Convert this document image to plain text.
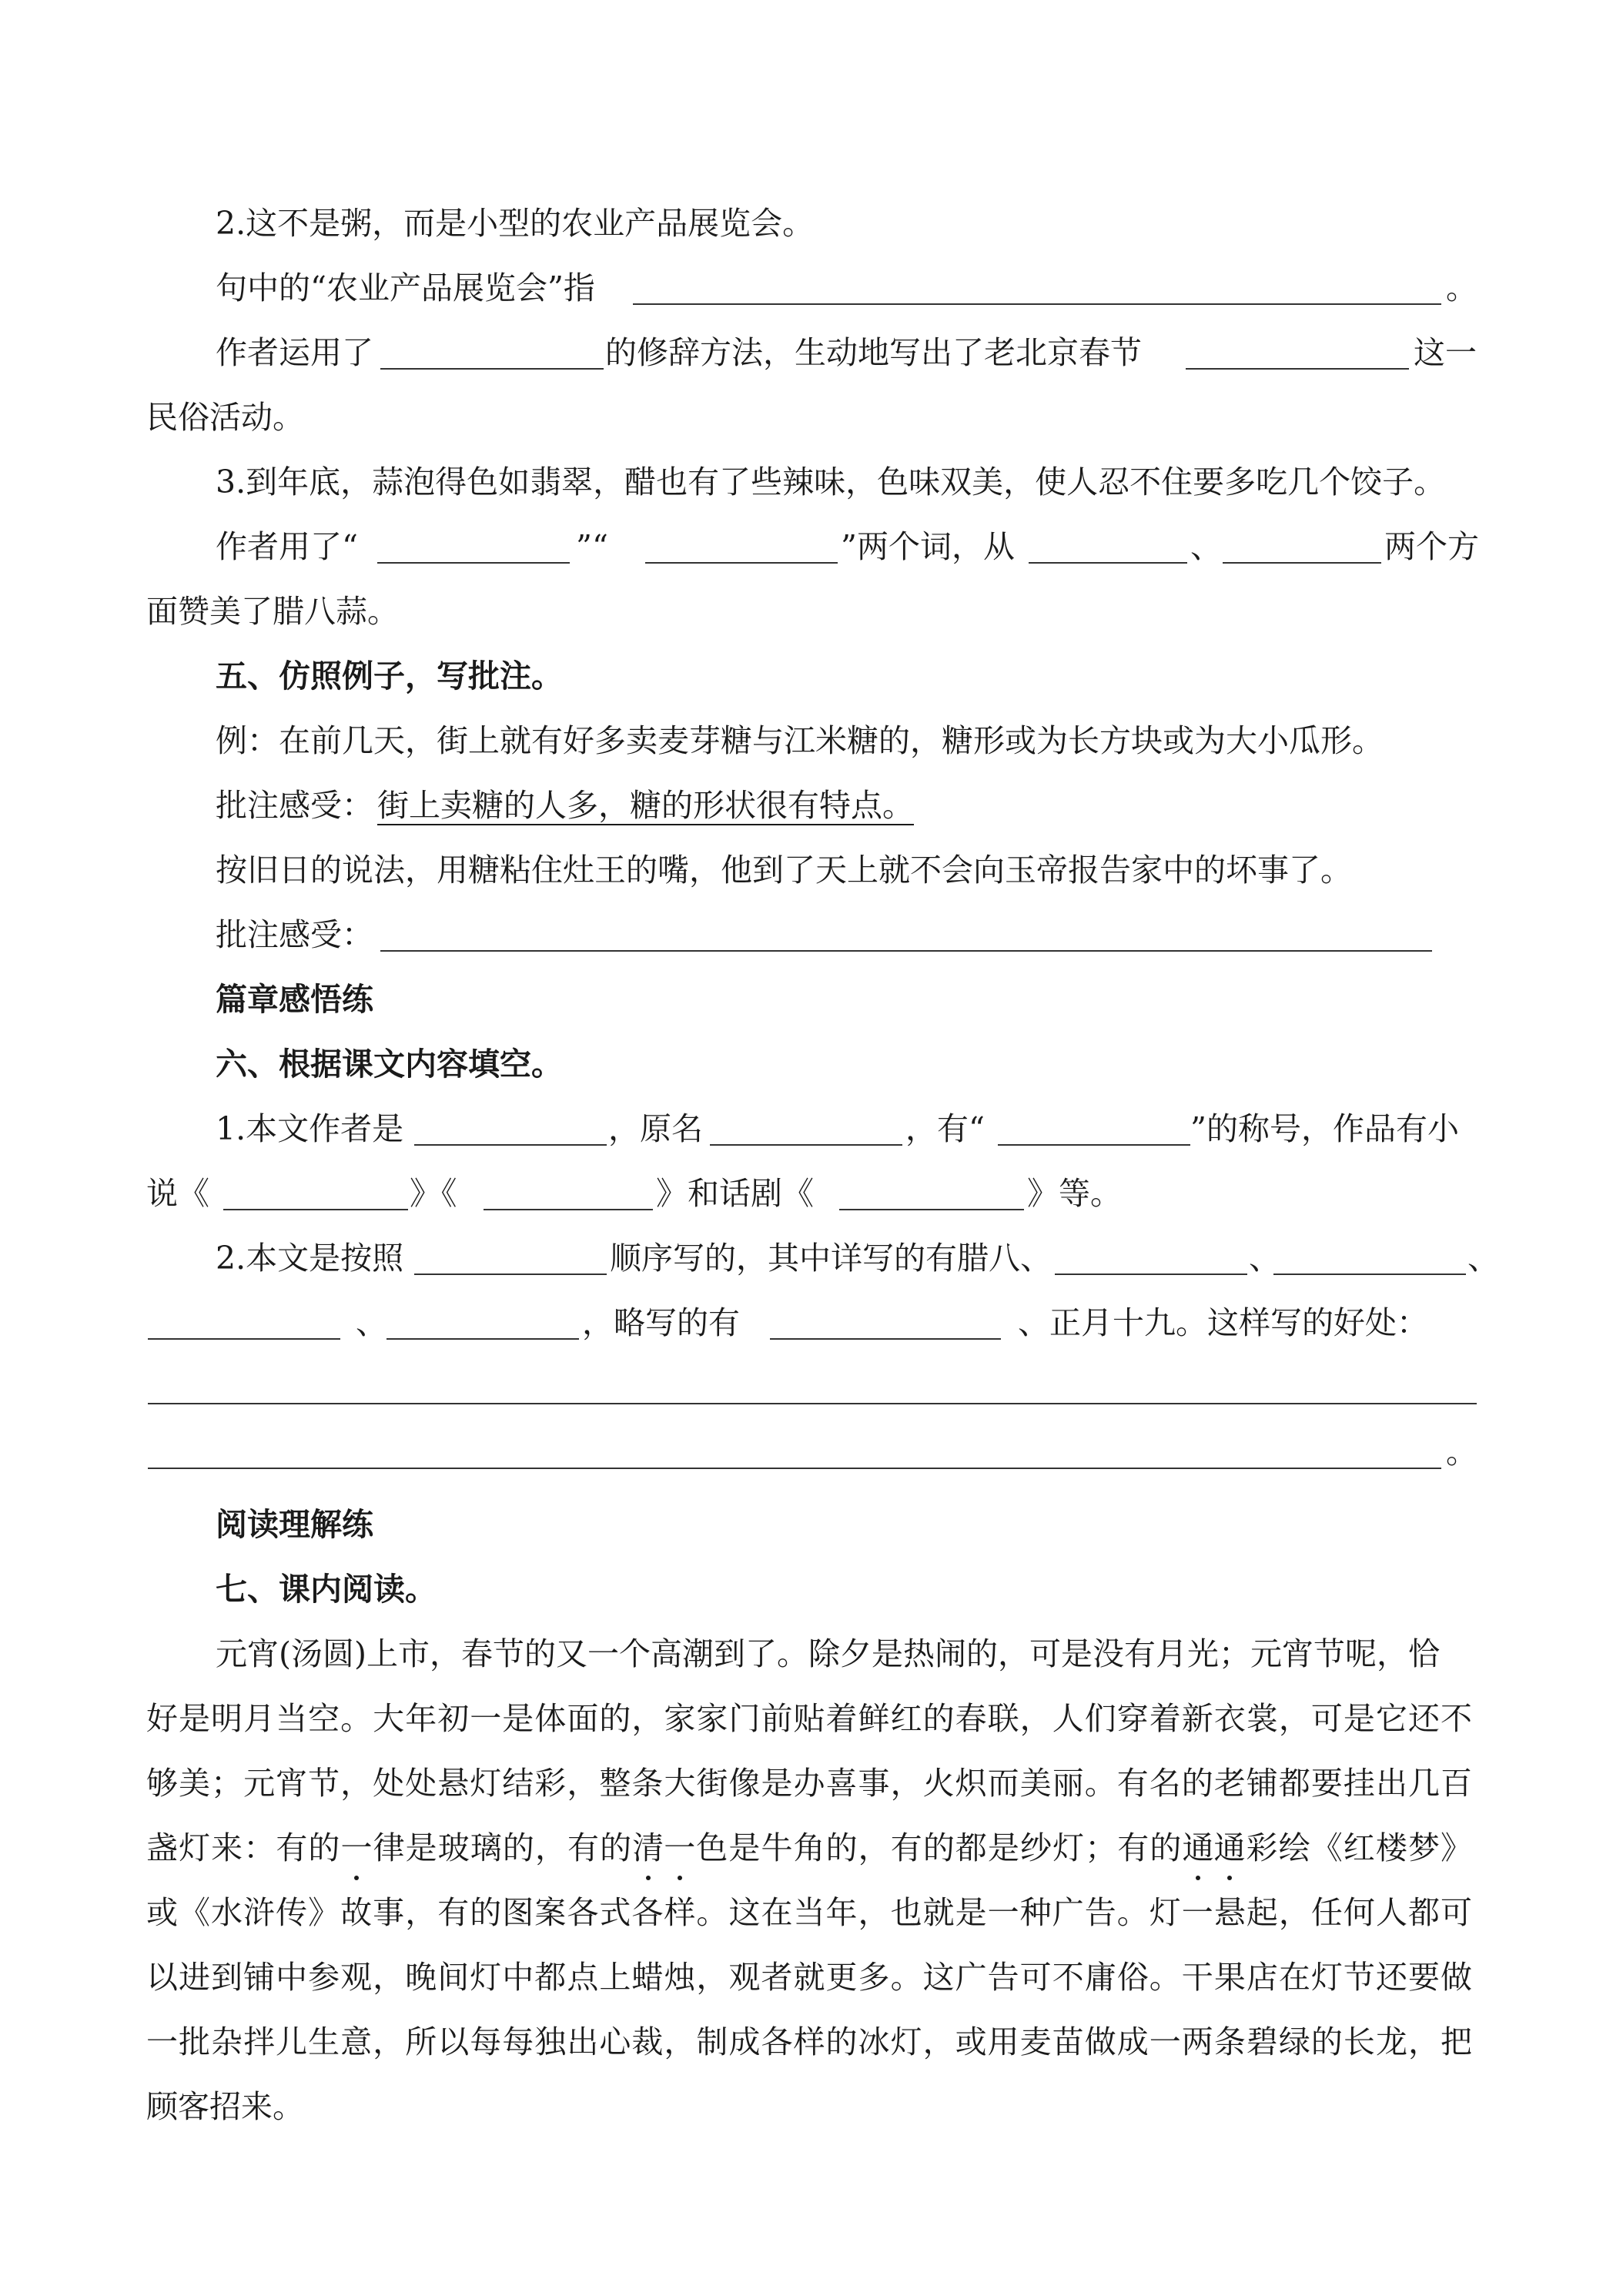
2.这不是粥，而是小型的农业产品展览会。
句中的“农业产品展览会”指	。
作者运用了	的修辞方法，生动地写出了老北京春节	这一
民俗活动。
3.到年底，蒜泡得色如翡翠，醋也有了些辣味，色味双美，使人忍不住要多吃几个饺子。
作者用了“	”“	”两个词，从	、	两个方
面赞美了腊八蒜。
五、仿照例子，写批注。
例：在前几天，街上就有好多卖麦芽糖与江米糖的，糖形或为长方块或为大小瓜形。
批注感受： 街上卖糖的人多，糖的形状很有特点。
按旧日的说法，用糖粘住灶王的嘴，他到了天上就不会向玉帝报告家中的坏事了。
批注感受：
篇章感悟练
六、根据课文内容填空。
1.本文作者是	，原名	，有“	”的称号，作品有小
说《	》《	》和话剧《	》等。
2.本文是按照	顺序写的，其中详写的有腊八、	、	、
、	，略写的有	、正月十九。这样写的好处：
。
阅读理解练
七、课内阅读。
元宵(汤圆)上市，春节的又一个高潮到了。除夕是热闹的，可是没有月光；元宵节呢，恰
好是明月当空。大年初一是体面的，家家门前贴着鲜红的春联，人们穿着新衣裳，可是它还不
够美；元宵节，处处悬灯结彩，整条大街像是办喜事，火炽而美丽。有名的老铺都要挂出几百
盏灯来：有的一律是玻璃的，有的清一色是牛角的，有的都是纱灯；有的通通彩绘《红楼梦》
或《水浒传》故事，有的图案各式各样。这在当年，也就是一种广告。灯一悬起，任何人都可
以进到铺中参观，晚间灯中都点上蜡烛，观者就更多。这广告可不庸俗。干果店在灯节还要做
一批杂拌儿生意，所以每每独出心裁，制成各样的冰灯，或用麦苗做成一两条碧绿的长龙，把
顾客招来。
